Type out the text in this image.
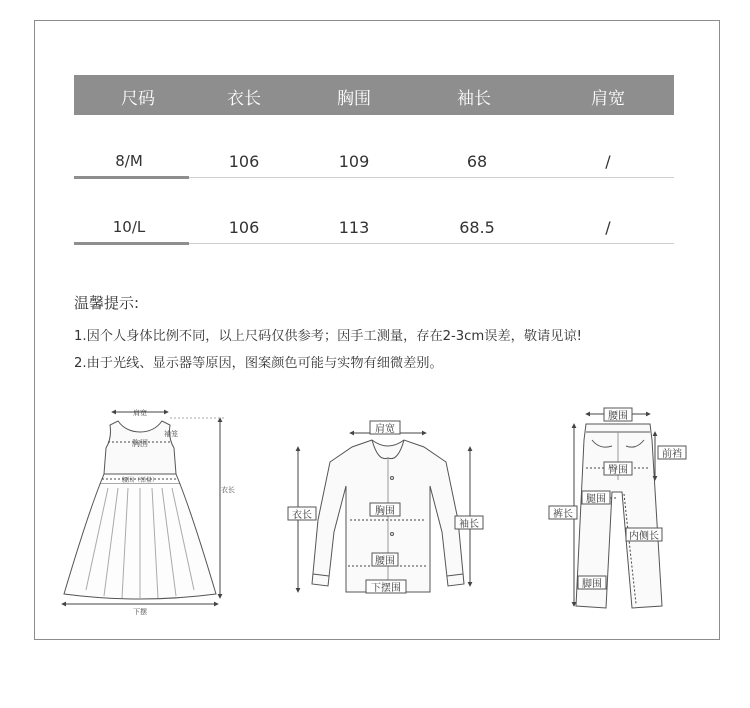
尺码	衣长	胸围	袖长	肩宽
8/M	106	109	68	/
10/L	106	113	68.5	/
温馨提示:
1.因个人身体比例不同，以上尺码仅供参考；因手工测量，存在2-3cm误差，敬请见谅!
2.由于光线、显示器等原因，图案颜色可能与实物有细微差别。
肩宽
胸围
袖笼
腰围（弹量）
衣长
下摆
肩宽
衣长	胸围
袖长
腰围
下摆围
腰围
前裆
臀围
腿围
裤长
内侧长
脚围
